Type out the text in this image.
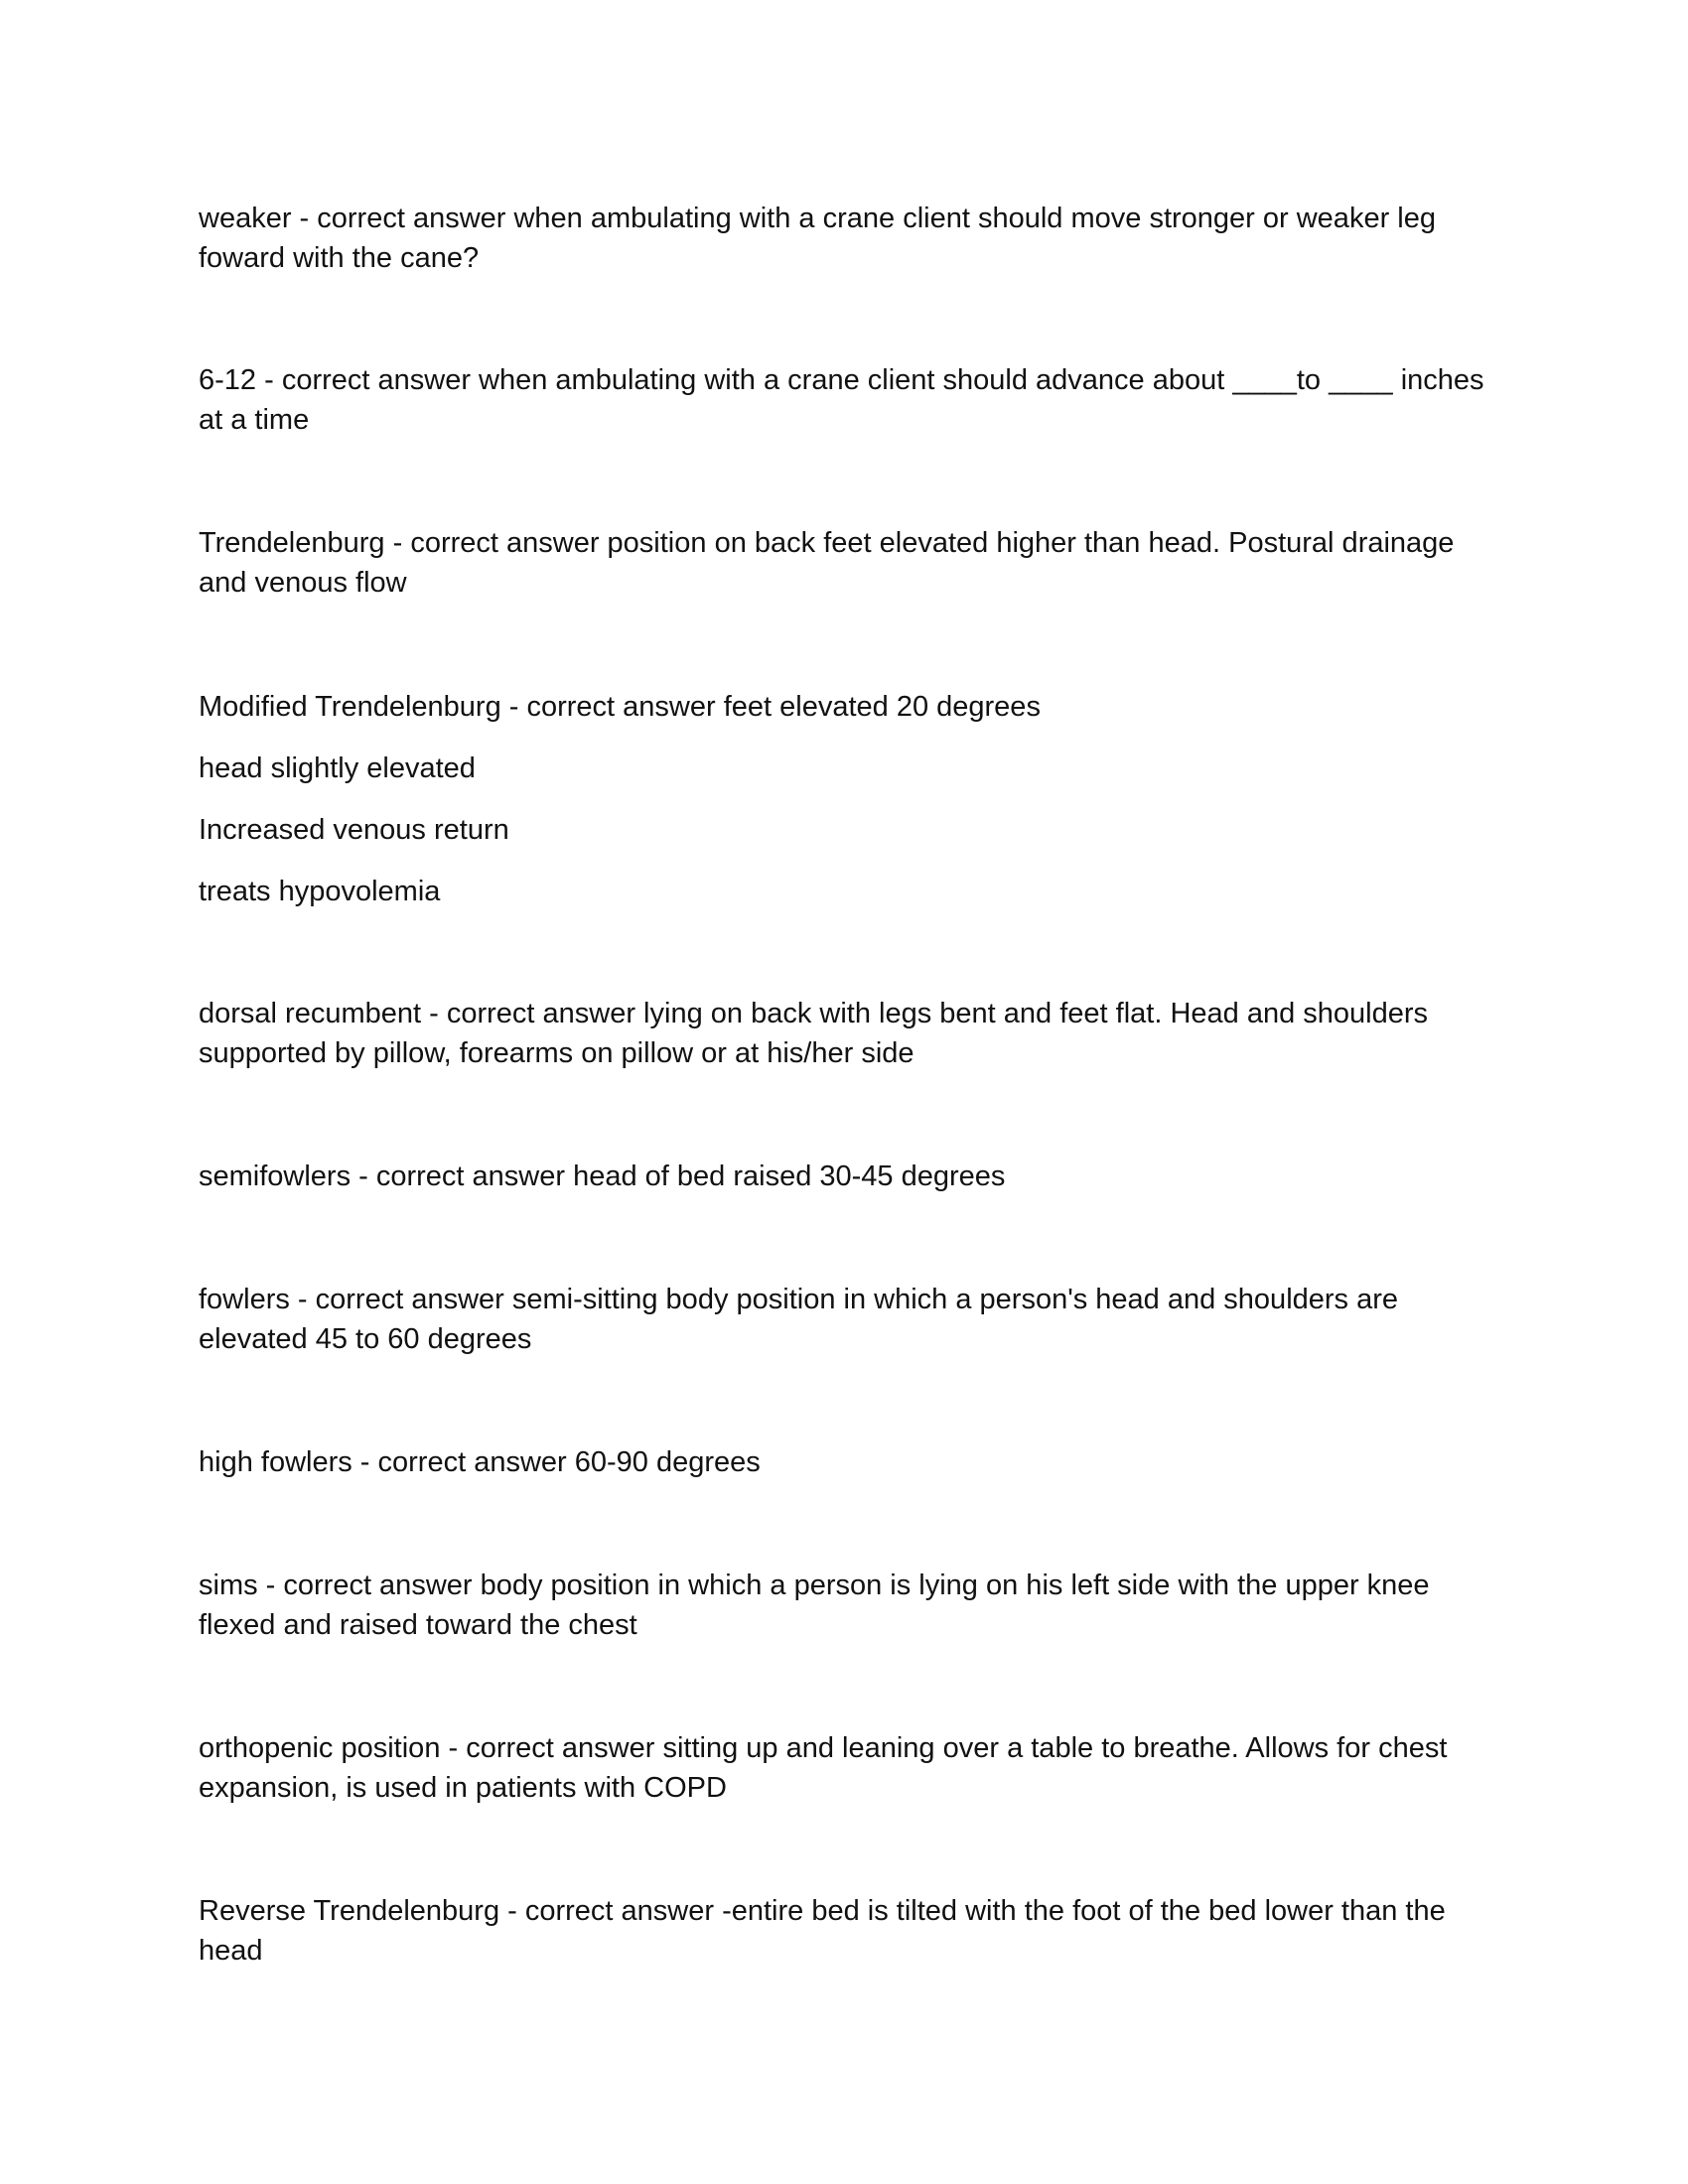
weaker - correct answer when ambulating with a crane client should move stronger or weaker leg foward with the cane?

6-12 - correct answer when ambulating with a crane client should advance about ____to ____ inches at a time

Trendelenburg - correct answer position on back feet elevated higher than head. Postural drainage and venous flow

Modified Trendelenburg - correct answer feet elevated 20 degrees

head slightly elevated

Increased venous return

treats hypovolemia

dorsal recumbent - correct answer lying on back with legs bent and feet flat. Head and shoulders supported by pillow, forearms on pillow or at his/her side

semifowlers - correct answer head of bed raised 30-45 degrees

fowlers - correct answer semi-sitting body position in which a person's head and shoulders are elevated 45 to 60 degrees

high fowlers - correct answer 60-90 degrees

sims - correct answer body position in which a person is lying on his left side with the upper knee flexed and raised toward the chest

orthopenic position - correct answer sitting up and leaning over a table to breathe. Allows for chest expansion, is used in patients with COPD

Reverse Trendelenburg - correct answer -entire bed is tilted with the foot of the bed lower than the head
